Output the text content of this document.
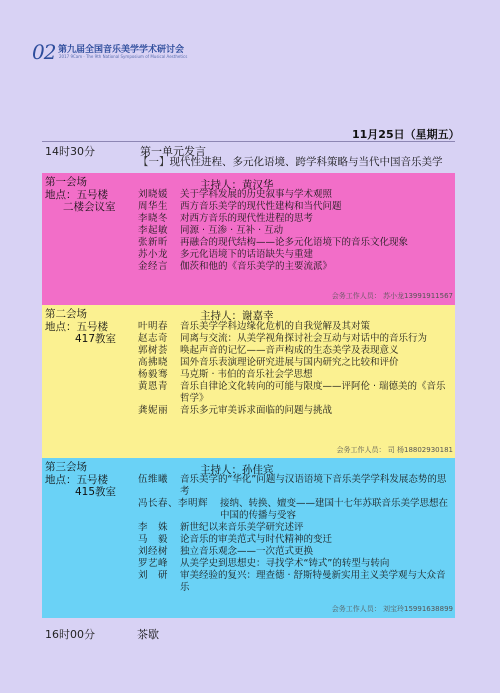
02 第九届全国音乐美学学术研讨会
2017 9Cam · The 9th National Symposium of Musical Aesthetics
11月25日（星期五）
14时30分	第一单元发言
【一】现代性进程、多元化语境、跨学科策略与当代中国音乐美学
第一会场
地点：五号楼
二楼会议室
主持人：黄汉华
刘晓媛	关于学科发展的历史叙事与学术观照
周华生	西方音乐美学的现代性建构和当代问题
李晓冬	对西方音乐的现代性进程的思考
李起敏	同源 · 互渗 · 互补 · 互动
张新昕	再融合的现代结构——论多元化语境下的音乐文化现象
苏小龙	多元化语境下的话语缺失与重建
金经言	伽茨和他的《音乐美学的主要流派》
会务工作人员： 苏小龙13991911567
第二会场
地点：五号楼
417教室
主持人：谢嘉幸
叶明春	音乐美学学科边缘化危机的自我觉解及其对策
赵志奇	同离与交流：从美学视角探讨社会互动与对话中的音乐行为
郭树荟	唤起声音的记忆——音声构成的生态美学及表现意义
高拂晓	国外音乐表演理论研究进展与国内研究之比较和评价
杨毅骞	马克斯 · 韦伯的音乐社会学思想
黄恩青	音乐自律论文化转向的可能与限度——评阿伦 · 瑞德美的《音乐哲学》
龚妮丽	音乐多元审美诉求面临的问题与挑战
会务工作人员： 司 杨18802930181
第三会场
地点：五号楼
415教室
主持人：孙佳宾
伍维曦	音乐美学的“华化”问题与汉语语境下音乐美学学科发展态势的思考
冯长春、李明辉	接纳、转换、嬗变——建国十七年苏联音乐美学思想在中国的传播与受容
李　姝	新世纪以来音乐美学研究述评
马　毅	论音乐的审美范式与时代精神的变迁
刘经树	独立音乐观念——一次范式更换
罗艺峰	从美学史到思想史：寻找学术“铸式”的转型与转向
刘　研	审美经验的复兴：理查德 · 舒斯特曼新实用主义美学观与大众音乐
会务工作人员： 刘宝玲15991638899
16时00分	茶歇
